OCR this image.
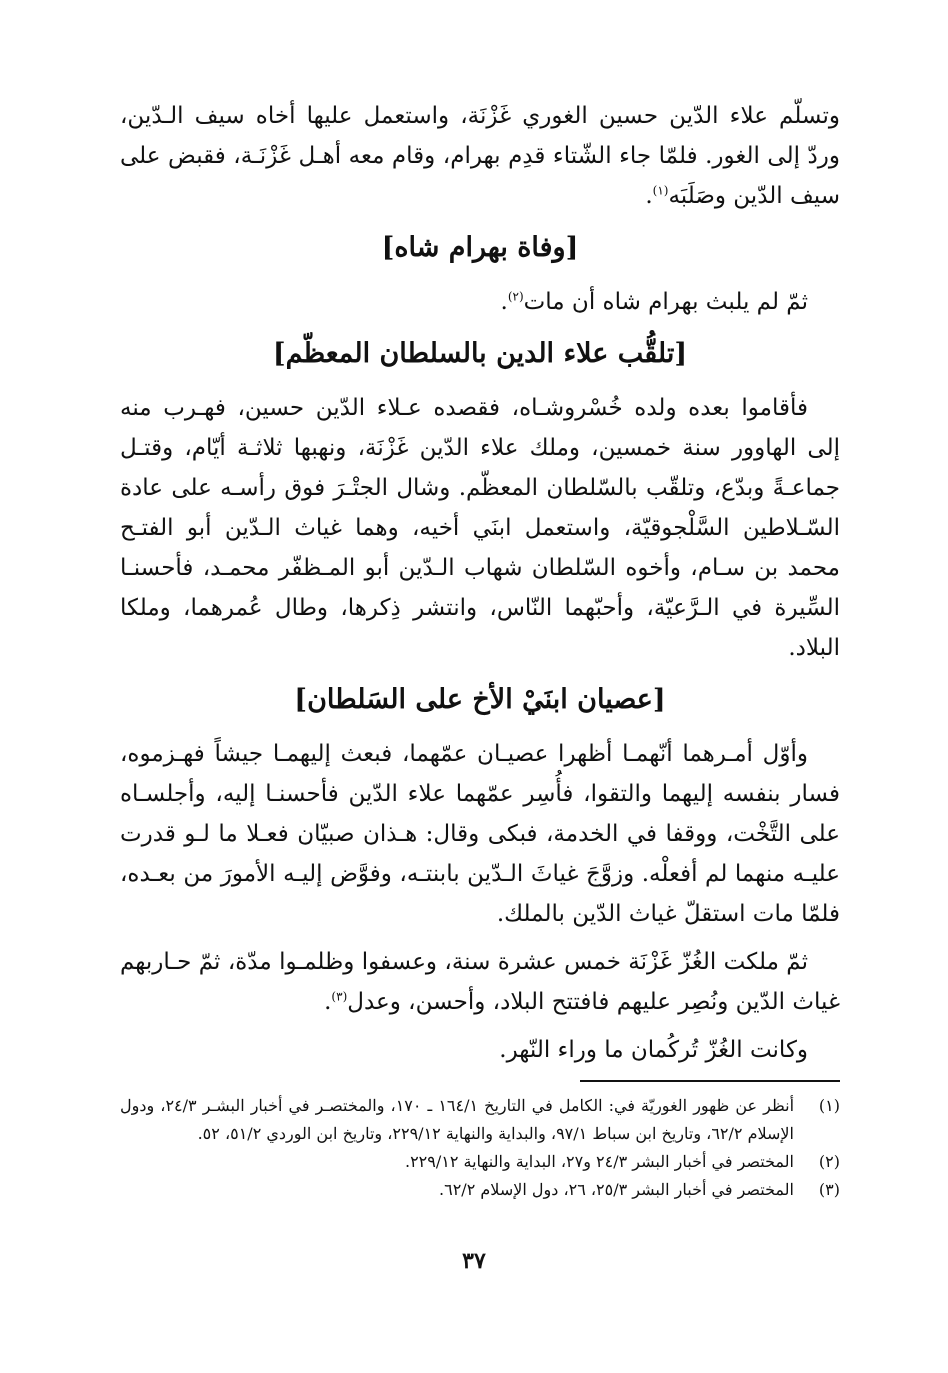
وتسلّم علاء الدّين حسين الغوري غَزْنَة، واستعمل عليها أخاه سيف الـدّين، وردّ إلى الغور. فلمّا جاء الشّتاء قدِم بهرام، وقام معه أهـل غَزْنَـة، فقبض على سيف الدّين وصَلَبَه$^{(١)}$.

[وفاة بهرام شاه]

ثمّ لم يلبث بهرام شاه أن مات$^{(٢)}$.

[تلقُّب علاء الدين بالسلطان المعظّم]

فأقاموا بعده ولده خُسْروشـاه، فقصده عـلاء الدّين حسين، فهـرب منه إلى الهاوور سنة خمسين، وملك علاء الدّين غَزْنَة، ونهبها ثلاثـة أيّام، وقتـل جماعـةً وبدّع، وتلقّب بالسّلطان المعظّم. وشال الجتْـرَ فوق رأسـه على عادة السّـلاطين السَّلْجوقيّة، واستعمل ابنَي أخيه، وهما غياث الـدّين أبو الفتـح محمد بن سـام، وأخوه السّلطان شهاب الـدّين أبو المـظفّر محمـد، فأحسنـا السِّيرة في الـرَّعيّة، وأحبّهما النّاس، وانتشر ذِكرها، وطال عُمرهما، وملكا البلاد.

[عصيان ابنَيْ الأخ على السَلطان]

وأوّل أمـرهما أنّهمـا أظهرا عصيـان عمّهما، فبعث إليهمـا جيشاً فهـزموه، فسار بنفسه إليهما والتقوا، فأُسِر عمّهما علاء الدّين فأحسنـا إليه، وأجلسـاه على التَّخْت، ووقفا في الخدمة، فبكى وقال: هـذان صبيّان فعـلا ما لـو قدرت عليـه منهما لم أفعلْه. وزوَّجَ غياثَ الـدّين بابنتـه، وفوَّض إليـه الأمورَ من بعـده، فلمّا مات استقلّ غياث الدّين بالملك.

ثمّ ملكت الغُزّ غَزْنَة خمس عشرة سنة، وعسفوا وظلمـوا مدّة، ثمّ حـاربهم غياث الدّين ونُصِر عليهم فافتتح البلاد، وأحسن، وعدل$^{(٣)}$.

وكانت الغُزّ تُركُمان ما وراء النّهر.

(١)
أنظر عن ظهور الغوريّة في: الكامل في التاريخ ١٦٤/١ ـ ١٧٠، والمختصـر في أخبار البشـر ٢٤/٣، ودول الإسلام ٦٢/٢، وتاريخ ابن سباط ٩٧/١، والبداية والنهاية ٢٢٩/١٢، وتاريخ ابن الوردي ٥١/٢، ٥٢.
(٢)
المختصر في أخبار البشر ٢٤/٣ و٢٧، البداية والنهاية ٢٢٩/١٢.
(٣)
المختصر في أخبار البشر ٢٥/٣، ٢٦، دول الإسلام ٦٢/٢.
٣٧
